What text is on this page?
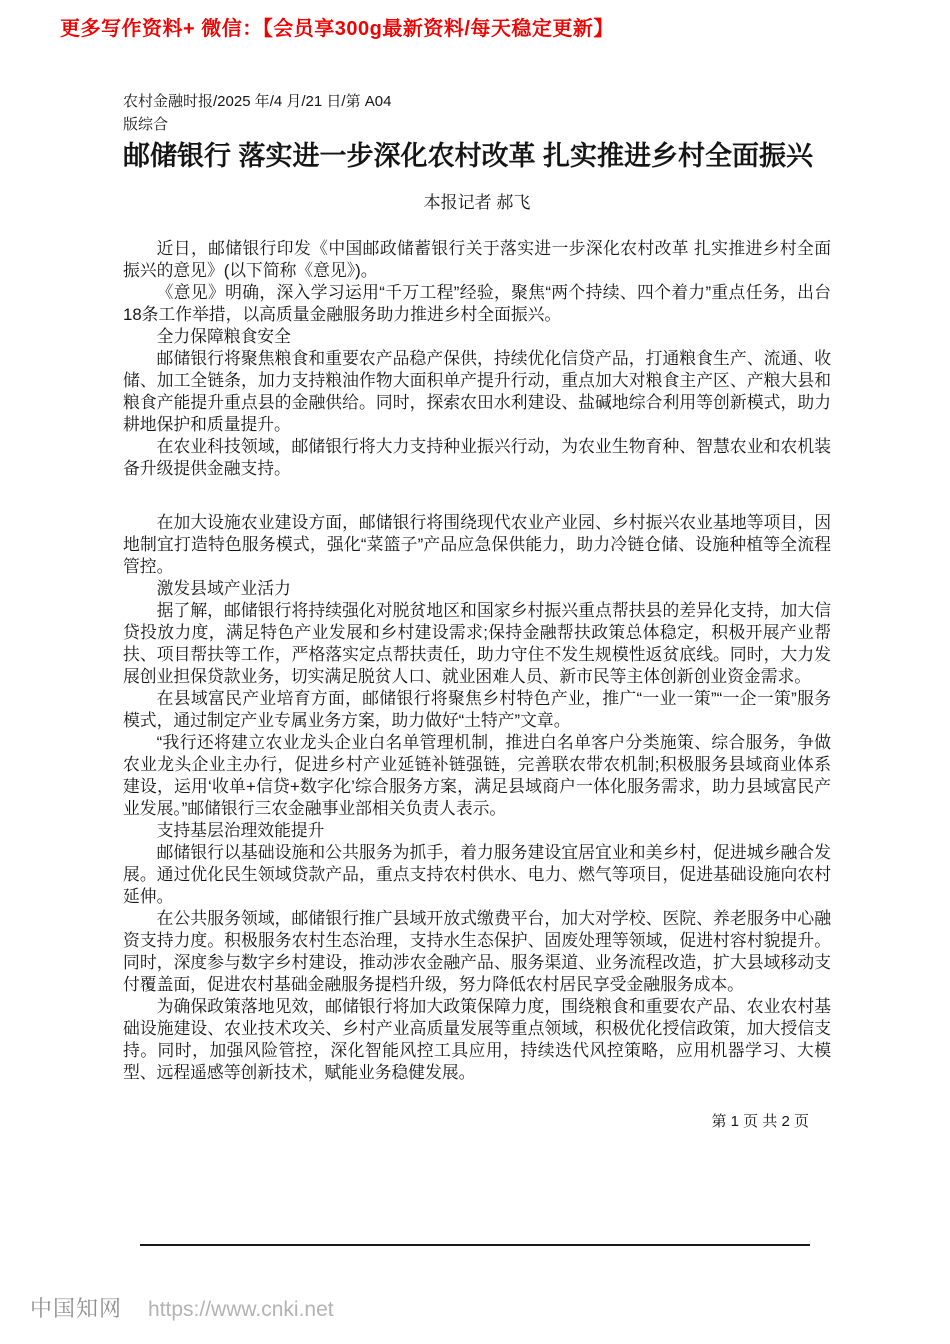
更多写作资料+ 微信：【会员享300g最新资料/每天稳定更新】
农村金融时报/2025 年/4 月/21 日/第 A04
版综合
邮储银行 落实进一步深化农村改革 扎实推进乡村全面振兴
本报记者 郝飞

近日，邮储银行印发《中国邮政储蓄银行关于落实进一步深化农村改革 扎实推进乡村全面振兴的意见》(以下简称《意见》)。

《意见》明确，深入学习运用“千万工程”经验，聚焦“两个持续、四个着力”重点任务，出台18条工作举措，以高质量金融服务助力推进乡村全面振兴。

全力保障粮食安全

邮储银行将聚焦粮食和重要农产品稳产保供，持续优化信贷产品，打通粮食生产、流通、收储、加工全链条，加力支持粮油作物大面积单产提升行动，重点加大对粮食主产区、产粮大县和粮食产能提升重点县的金融供给。同时，探索农田水利建设、盐碱地综合利用等创新模式，助力耕地保护和质量提升。

在农业科技领域，邮储银行将大力支持种业振兴行动，为农业生物育种、智慧农业和农机装备升级提供金融支持。

在加大设施农业建设方面，邮储银行将围绕现代农业产业园、乡村振兴农业基地等项目，因地制宜打造特色服务模式，强化“菜篮子”产品应急保供能力，助力冷链仓储、设施种植等全流程管控。

激发县域产业活力

据了解，邮储银行将持续强化对脱贫地区和国家乡村振兴重点帮扶县的差异化支持，加大信贷投放力度，满足特色产业发展和乡村建设需求;保持金融帮扶政策总体稳定，积极开展产业帮扶、项目帮扶等工作，严格落实定点帮扶责任，助力守住不发生规模性返贫底线。同时，大力发展创业担保贷款业务，切实满足脱贫人口、就业困难人员、新市民等主体创新创业资金需求。

在县域富民产业培育方面，邮储银行将聚焦乡村特色产业，推广“一业一策”“一企一策”服务模式，通过制定产业专属业务方案，助力做好“土特产”文章。

“我行还将建立农业龙头企业白名单管理机制，推进白名单客户分类施策、综合服务，争做农业龙头企业主办行，促进乡村产业延链补链强链，完善联农带农机制;积极服务县域商业体系建设，运用‘收单+信贷+数字化’综合服务方案，满足县域商户一体化服务需求，助力县域富民产业发展。”邮储银行三农金融事业部相关负责人表示。

支持基层治理效能提升

邮储银行以基础设施和公共服务为抓手，着力服务建设宜居宜业和美乡村，促进城乡融合发展。通过优化民生领域贷款产品，重点支持农村供水、电力、燃气等项目，促进基础设施向农村延伸。

在公共服务领域，邮储银行推广县域开放式缴费平台，加大对学校、医院、养老服务中心融资支持力度。积极服务农村生态治理，支持水生态保护、固废处理等领域，促进村容村貌提升。同时，深度参与数字乡村建设，推动涉农金融产品、服务渠道、业务流程改造，扩大县域移动支付覆盖面，促进农村基础金融服务提档升级，努力降低农村居民享受金融服务成本。

为确保政策落地见效，邮储银行将加大政策保障力度，围绕粮食和重要农产品、农业农村基础设施建设、农业技术攻关、乡村产业高质量发展等重点领域，积极优化授信政策，加大授信支持。同时，加强风险管控，深化智能风控工具应用，持续迭代风控策略，应用机器学习、大模型、远程遥感等创新技术，赋能业务稳健发展。

第 1 页 共 2 页
中国知网 https://www.cnki.net
